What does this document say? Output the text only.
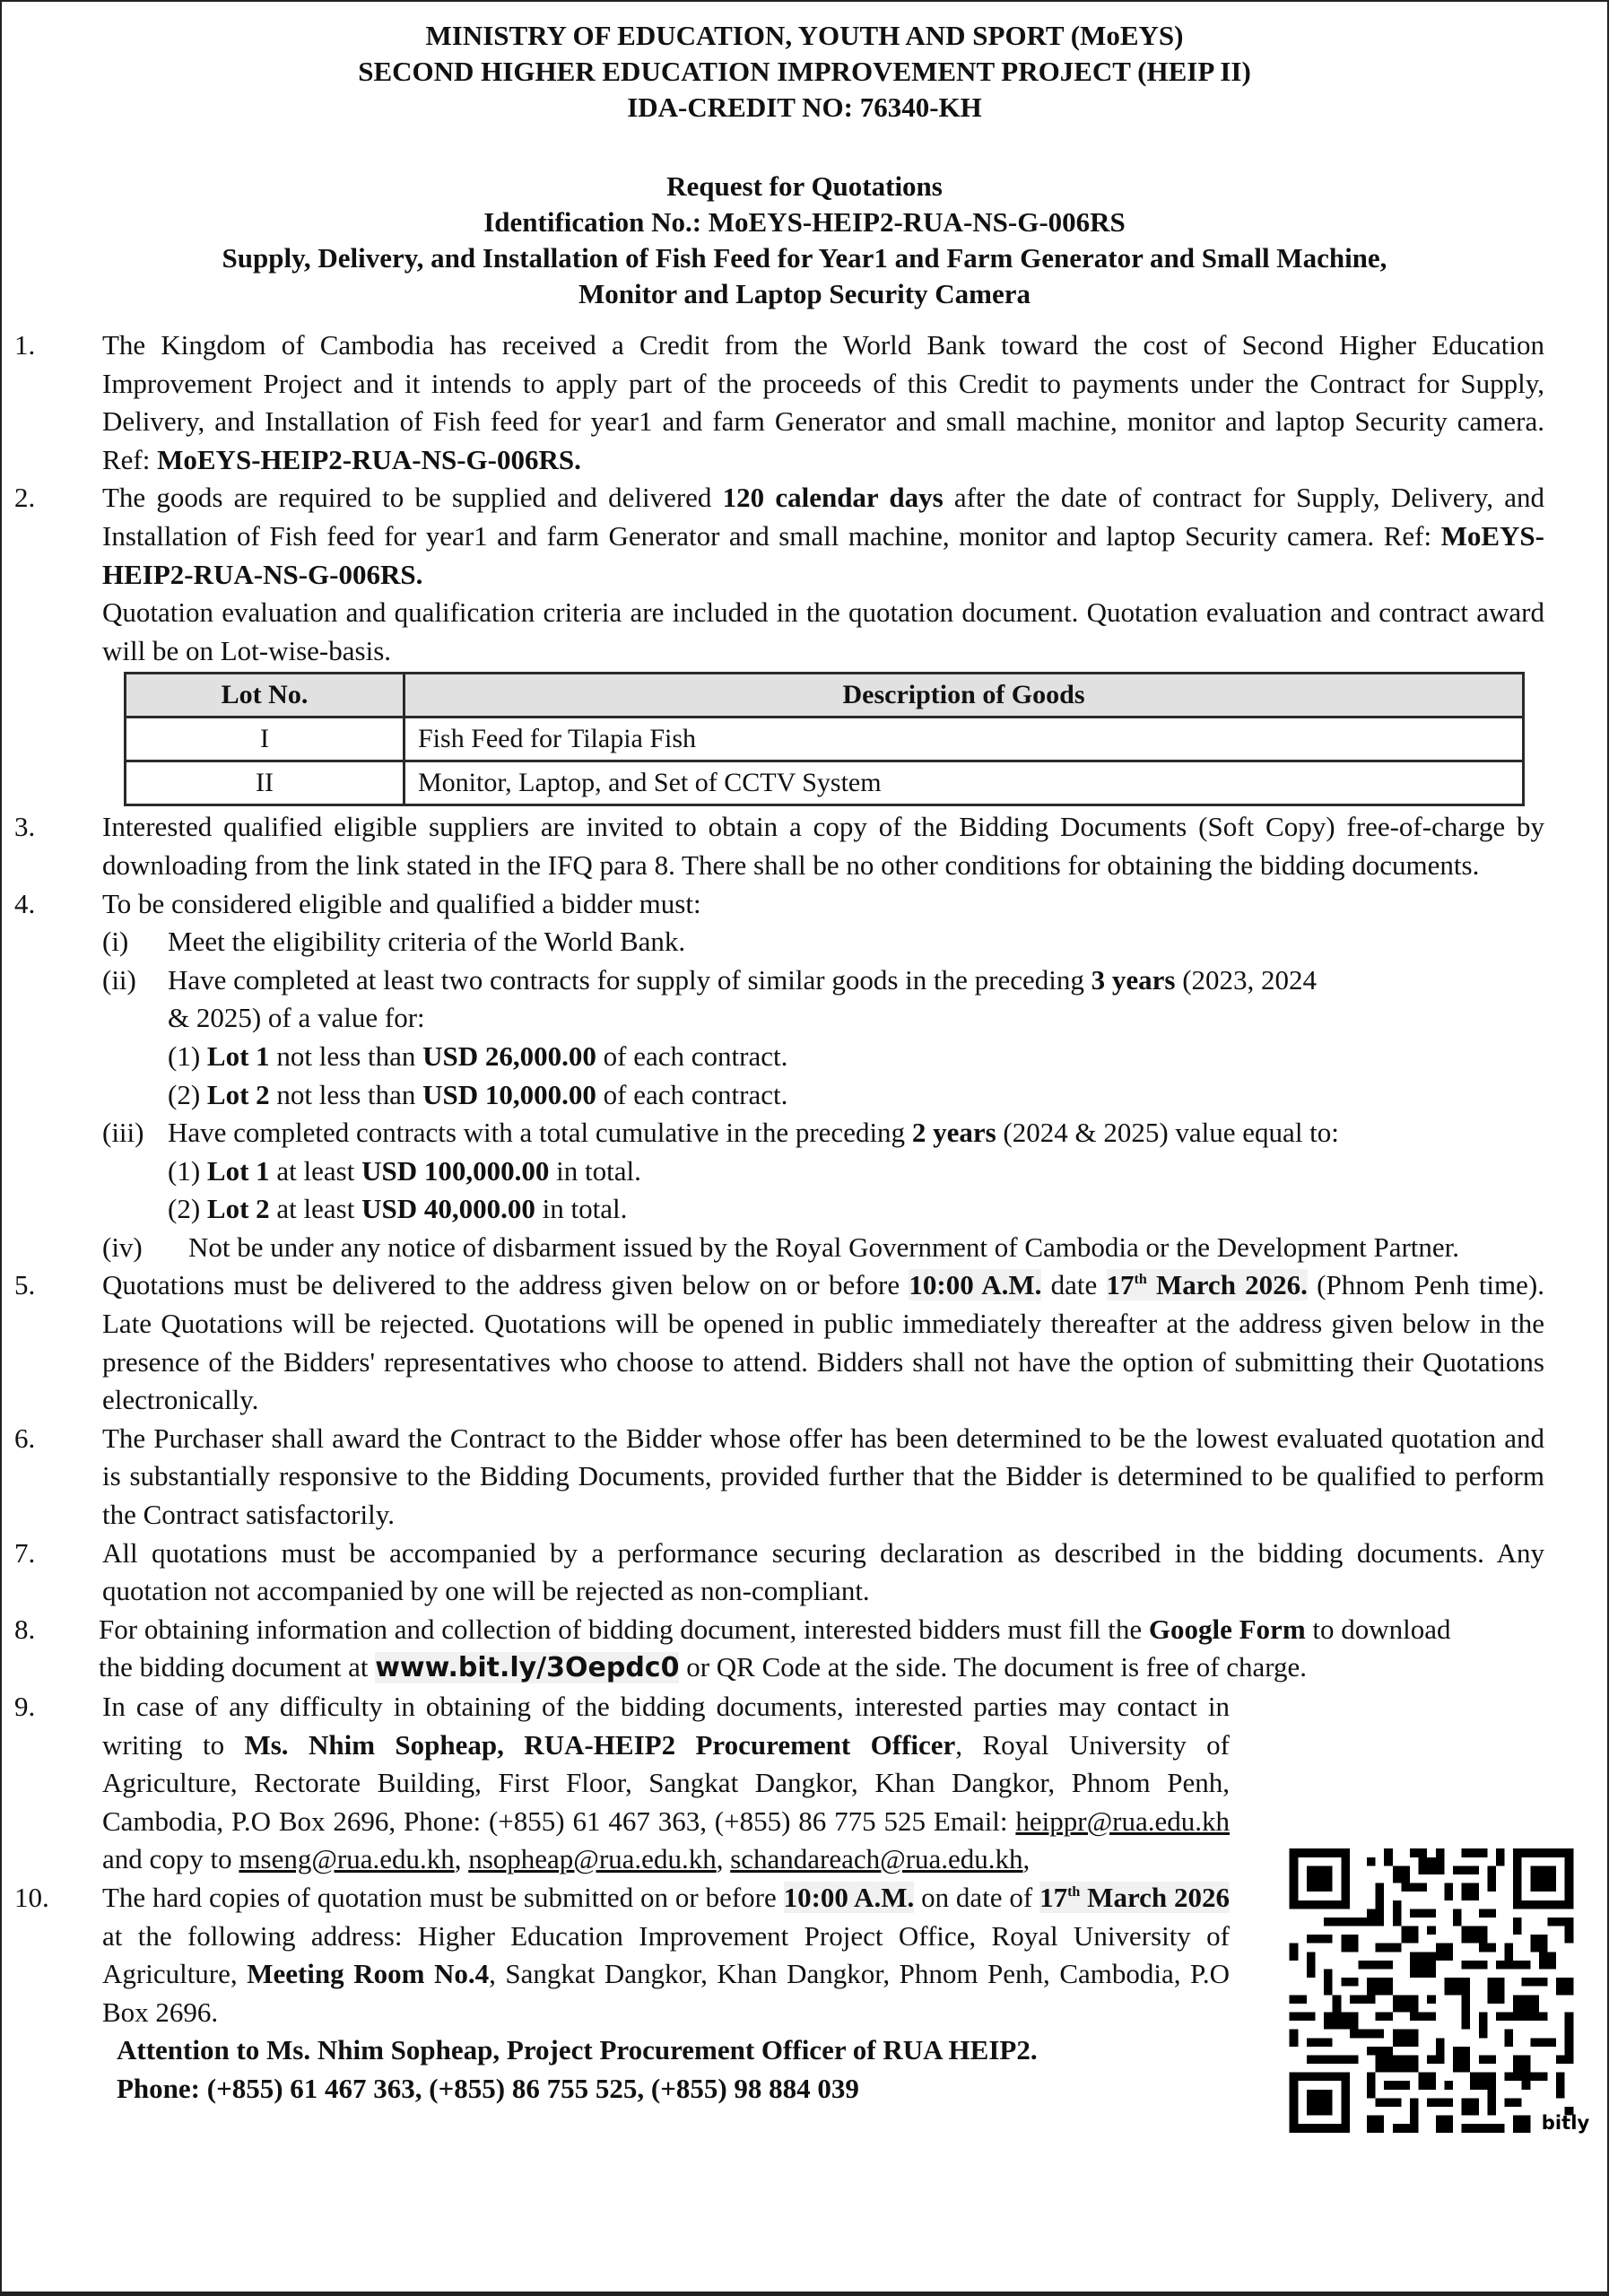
MINISTRY OF EDUCATION, YOUTH AND SPORT (MoEYS)
SECOND HIGHER EDUCATION IMPROVEMENT PROJECT (HEIP II)
IDA-CREDIT NO: 76340-KH
Request for Quotations
Identification No.: MoEYS-HEIP2-RUA-NS-G-006RS
Supply, Delivery, and Installation of Fish Feed for Year1 and Farm Generator and Small Machine,
Monitor and Laptop Security Camera
1. The Kingdom of Cambodia has received a Credit from the World Bank toward the cost of Second Higher Education Improvement Project and it intends to apply part of the proceeds of this Credit to payments under the Contract for Supply, Delivery, and Installation of Fish feed for year1 and farm Generator and small machine, monitor and laptop Security camera. Ref: MoEYS-HEIP2-RUA-NS-G-006RS.
2. The goods are required to be supplied and delivered 120 calendar days after the date of contract for Supply, Delivery, and Installation of Fish feed for year1 and farm Generator and small machine, monitor and laptop Security camera. Ref: MoEYS-HEIP2-RUA-NS-G-006RS.
Quotation evaluation and qualification criteria are included in the quotation document. Quotation evaluation and contract award will be on Lot-wise-basis.
Lot No.	Description of Goods
I	Fish Feed for Tilapia Fish
II	Monitor, Laptop, and Set of CCTV System
3. Interested qualified eligible suppliers are invited to obtain a copy of the Bidding Documents (Soft Copy) free-of-charge by downloading from the link stated in the IFQ para 8. There shall be no other conditions for obtaining the bidding documents.
4. To be considered eligible and qualified a bidder must:
(i) Meet the eligibility criteria of the World Bank.
(ii) Have completed at least two contracts for supply of similar goods in the preceding 3 years (2023, 2024
& 2025) of a value for:
(1) Lot 1 not less than USD 26,000.00 of each contract.
(2) Lot 2 not less than USD 10,000.00 of each contract.
(iii) Have completed contracts with a total cumulative in the preceding 2 years (2024 & 2025) value equal to:
(1) Lot 1 at least USD 100,000.00 in total.
(2) Lot 2 at least USD 40,000.00 in total.
(iv) Not be under any notice of disbarment issued by the Royal Government of Cambodia or the Development Partner.
5. Quotations must be delivered to the address given below on or before 10:00 A.M. date 17th March 2026. (Phnom Penh time). Late Quotations will be rejected. Quotations will be opened in public immediately thereafter at the address given below in the presence of the Bidders' representatives who choose to attend. Bidders shall not have the option of submitting their Quotations electronically.
6. The Purchaser shall award the Contract to the Bidder whose offer has been determined to be the lowest evaluated quotation and is substantially responsive to the Bidding Documents, provided further that the Bidder is determined to be qualified to perform the Contract satisfactorily.
7. All quotations must be accompanied by a performance securing declaration as described in the bidding documents. Any quotation not accompanied by one will be rejected as non-compliant.
8. For obtaining information and collection of bidding document, interested bidders must fill the Google Form to download the bidding document at www.bit.ly/3Oepdc0 or QR Code at the side. The document is free of charge.
9. In case of any difficulty in obtaining of the bidding documents, interested parties may contact in writing to Ms. Nhim Sopheap, RUA-HEIP2 Procurement Officer, Royal University of Agriculture, Rectorate Building, First Floor, Sangkat Dangkor, Khan Dangkor, Phnom Penh, Cambodia, P.O Box 2696, Phone: (+855) 61 467 363, (+855) 86 775 525 Email: heippr@rua.edu.kh and copy to mseng@rua.edu.kh, nsopheap@rua.edu.kh, schandareach@rua.edu.kh,
10. The hard copies of quotation must be submitted on or before 10:00 A.M. on date of 17th March 2026 at the following address: Higher Education Improvement Project Office, Royal University of Agriculture, Meeting Room No.4, Sangkat Dangkor, Khan Dangkor, Phnom Penh, Cambodia, P.O Box 2696.
Attention to Ms. Nhim Sopheap, Project Procurement Officer of RUA HEIP2.
Phone: (+855) 61 467 363, (+855) 86 755 525, (+855) 98 884 039
bitly
